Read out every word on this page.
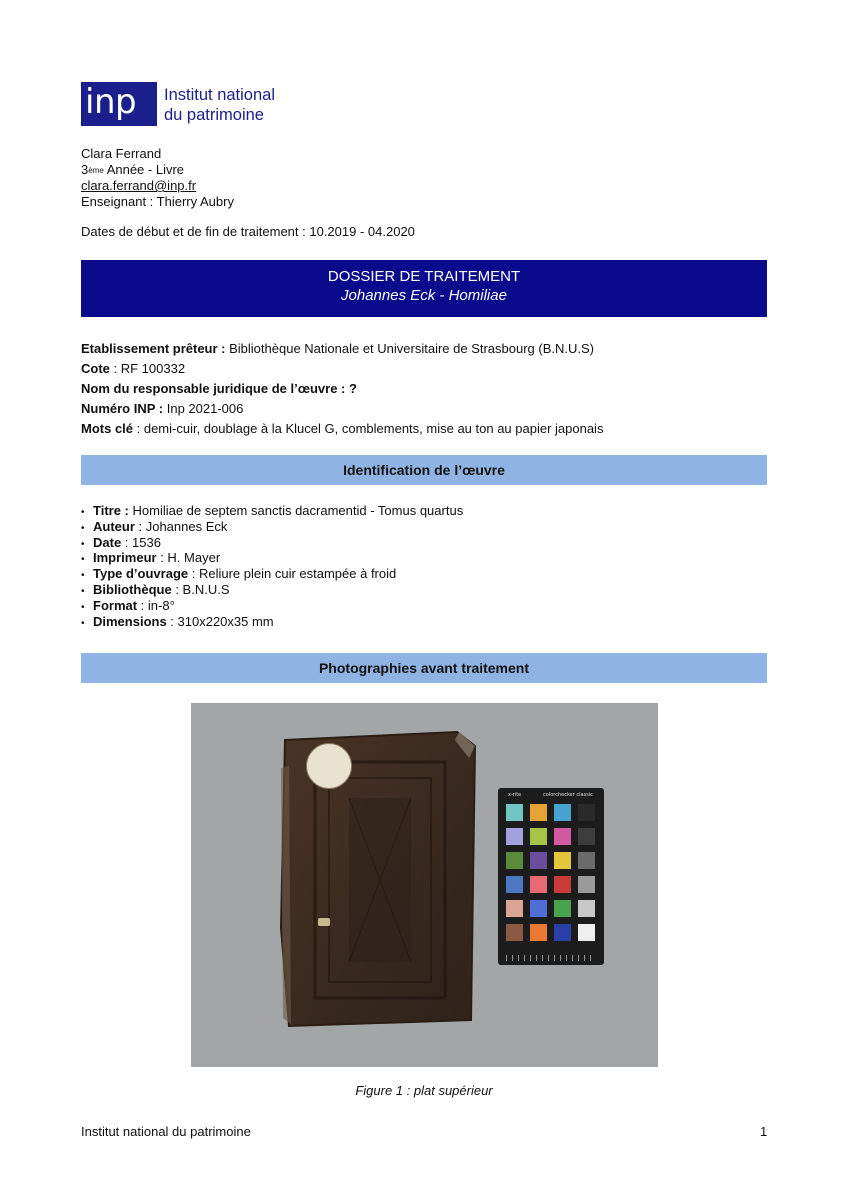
inp Institut national
du patrimoine
Clara Ferrand
3ème Année - Livre
clara.ferrand@inp.fr
Enseignant : Thierry Aubry
Dates de début et de fin de traitement : 10.2019 - 04.2020
DOSSIER DE TRAITEMENT
Johannes Eck - Homiliae
Etablissement prêteur : Bibliothèque Nationale et Universitaire de Strasbourg (B.N.U.S)
Cote : RF 100332
Nom du responsable juridique de l’œuvre : ?
Numéro INP : Inp 2021-006
Mots clé : demi-cuir, doublage à la Klucel G, comblements, mise au ton au papier japonais
Identification de l’œuvre
• Titre : Homiliae de septem sanctis dacramentid - Tomus quartus
• Auteur : Johannes Eck
• Date : 1536
• Imprimeur : H. Mayer
• Type d’ouvrage : Reliure plein cuir estampée à froid
• Bibliothèque : B.N.U.S
• Format : in-8°
• Dimensions : 310x220x35 mm
Photographies avant traitement
x-rite	colorchecker classic
Figure 1 : plat supérieur
Institut national du patrimoine	1
